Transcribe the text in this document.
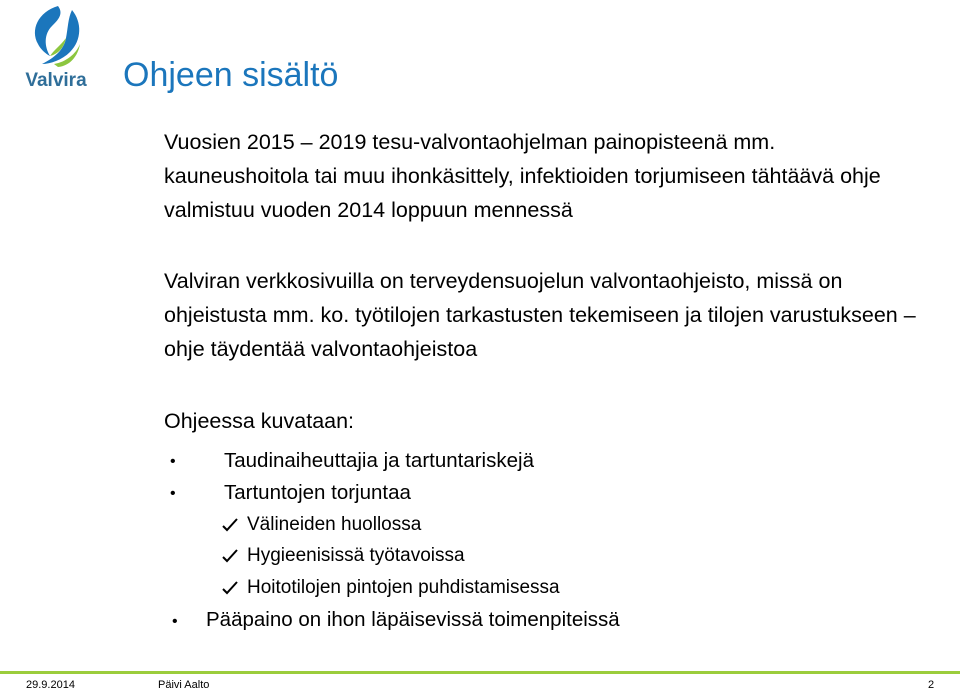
Valvira Ohjeen sisältö
Vuosien 2015 – 2019 tesu-valvontaohjelman painopisteenä mm. kauneushoitola tai muu ihonkäsittely, infektioiden torjumiseen tähtäävä ohje valmistuu vuoden 2014 loppuun mennessä
Valviran verkkosivuilla on terveydensuojelun valvontaohjeisto, missä on ohjeistusta mm. ko. työtilojen tarkastusten tekemiseen ja tilojen varustukseen – ohje täydentää valvontaohjeistoa
Ohjeessa kuvataan:
• Taudinaiheuttajia ja tartuntariskejä
• Tartuntojen torjuntaa
Välineiden huollossa
Hygieenisissä työtavoissa
Hoitotilojen pintojen puhdistamisessa
• Pääpaino on ihon läpäisevissä toimenpiteissä
29.9.2014	Päivi Aalto	2
